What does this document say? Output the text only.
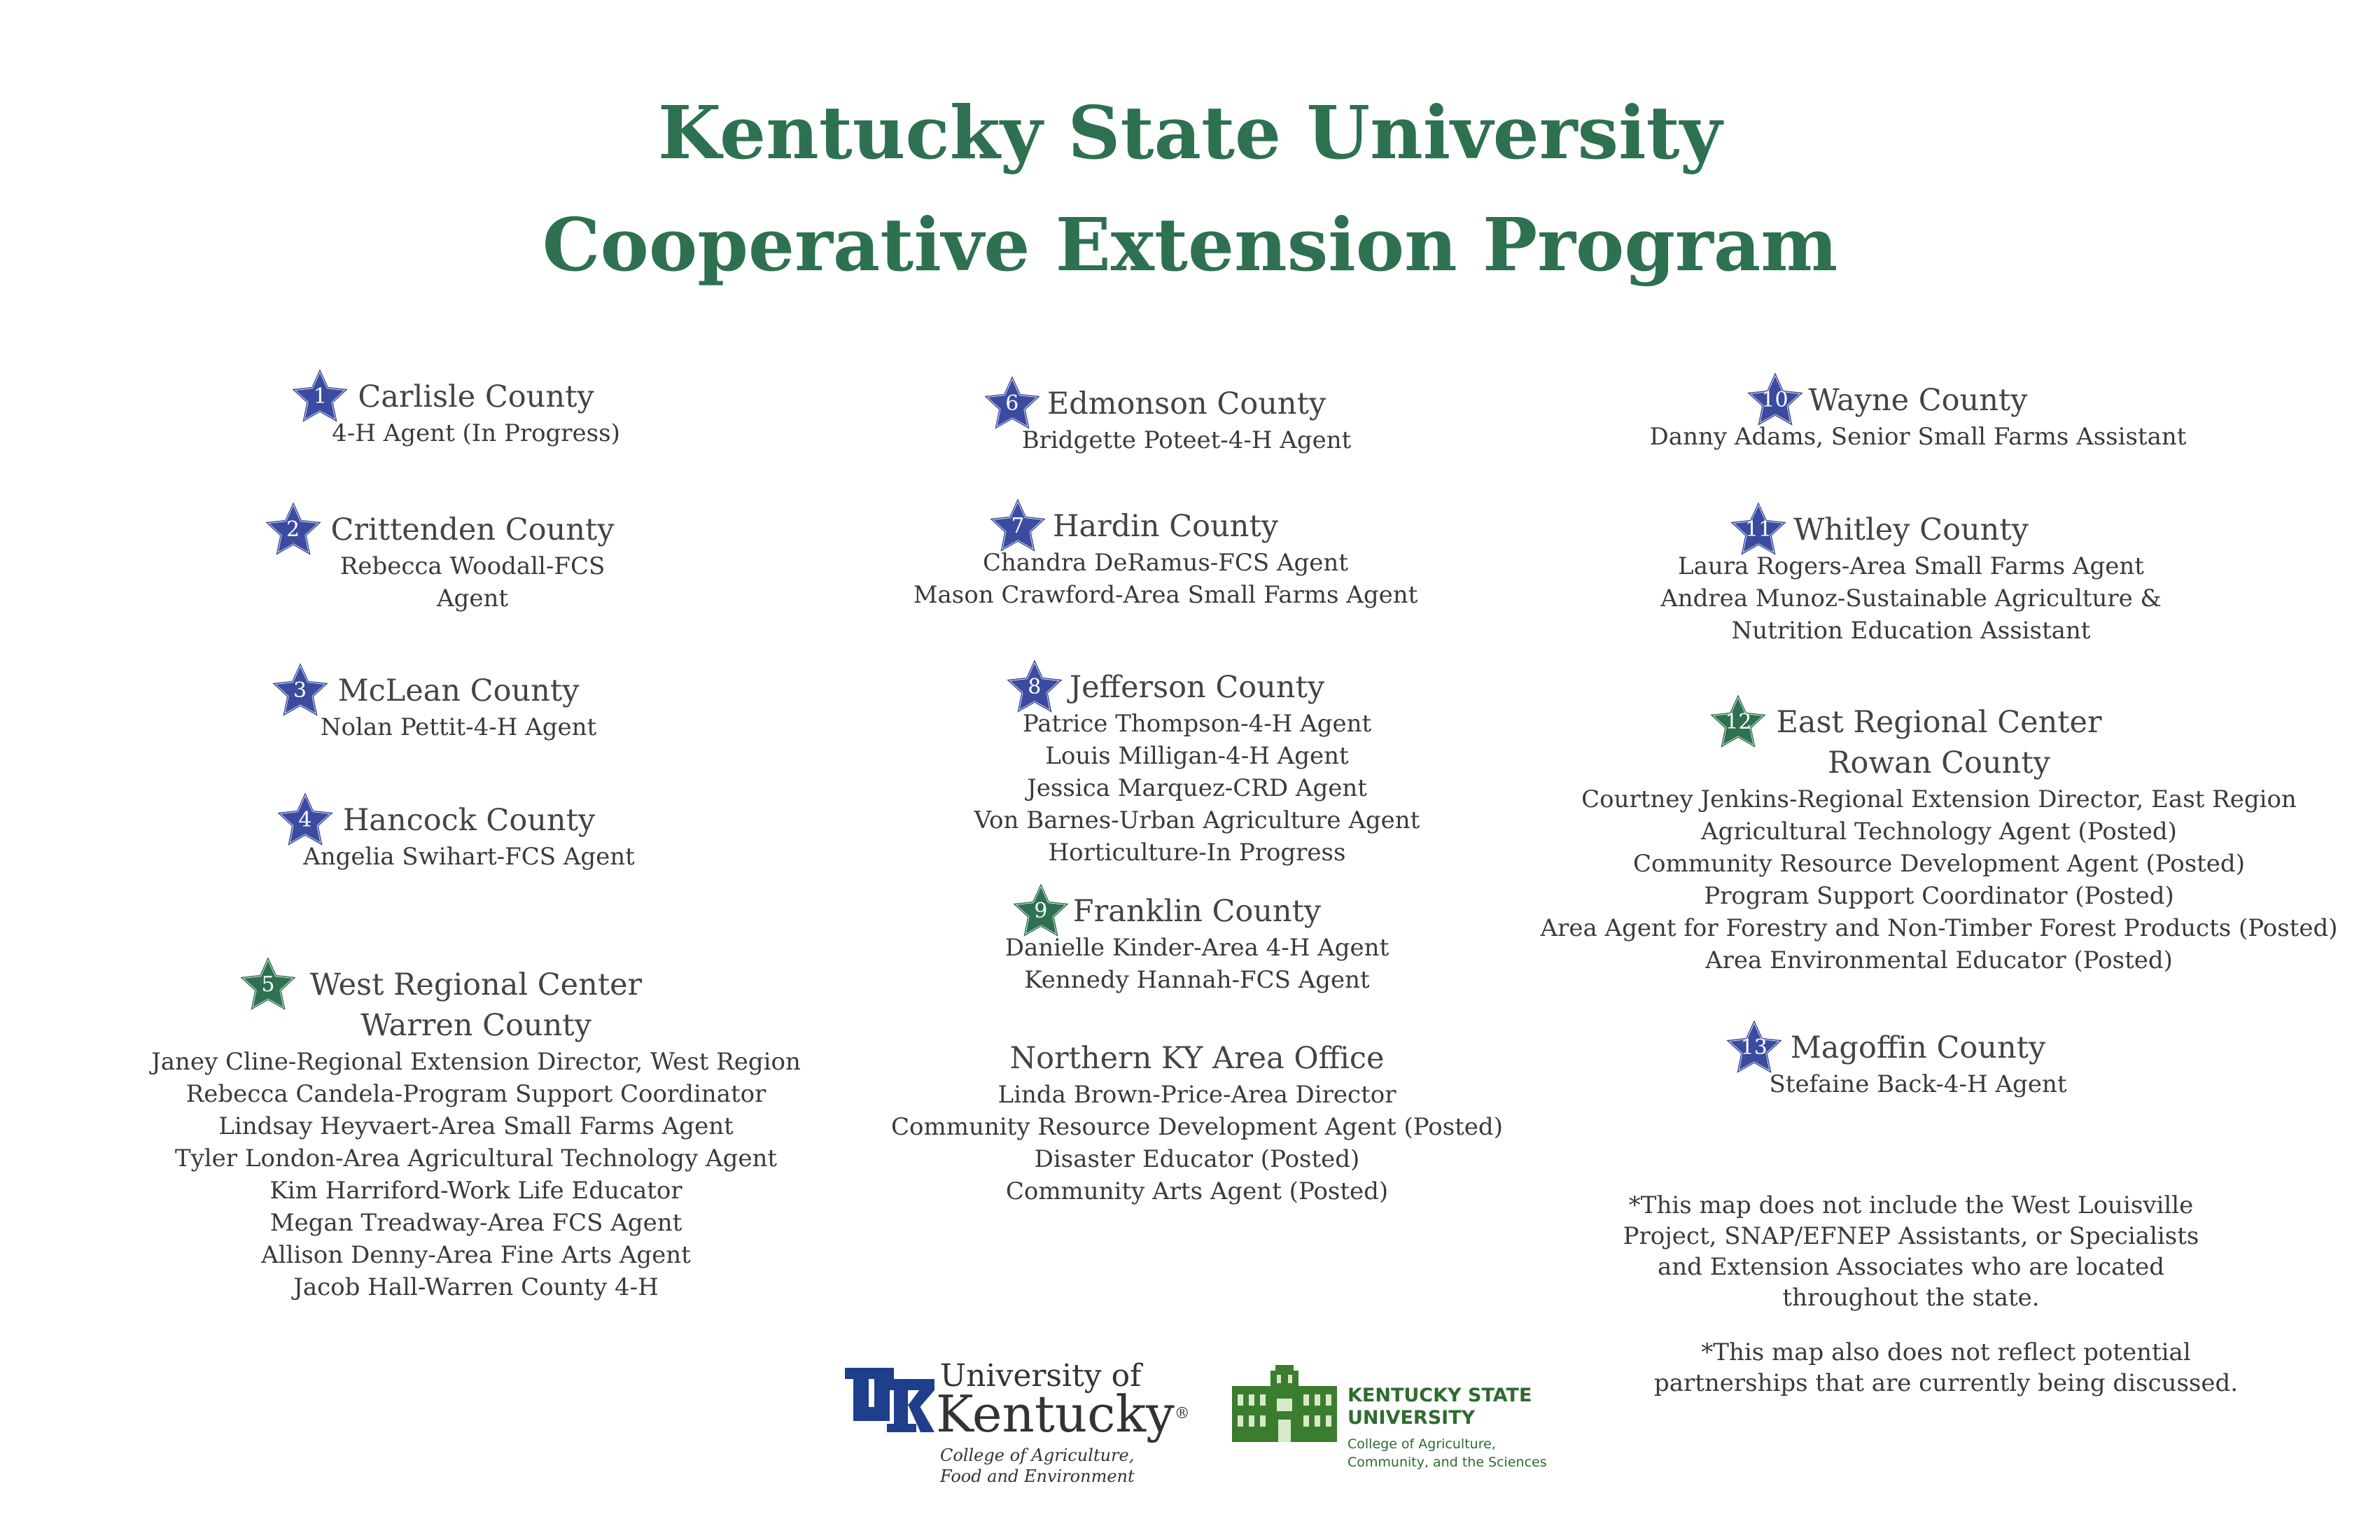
Kentucky State University
Cooperative Extension Program
1	Carlisle County
4-H Agent (In Progress)
2	Crittenden County
Rebecca Woodall-FCS
Agent
3	McLean County
Nolan Pettit-4-H Agent
4	Hancock County
Angelia Swihart-FCS Agent
5	West Regional Center
Warren County
Janey Cline-Regional Extension Director, West Region
Rebecca Candela-Program Support Coordinator
Lindsay Heyvaert-Area Small Farms Agent
Tyler London-Area Agricultural Technology Agent
Kim Harriford-Work Life Educator
Megan Treadway-Area FCS Agent
Allison Denny-Area Fine Arts Agent
Jacob Hall-Warren County 4-H
6 Edmonson County
Bridgette Poteet-4-H Agent
7 Hardin County
Chandra DeRamus-FCS Agent
Mason Crawford-Area Small Farms Agent
8 Jefferson County
Patrice Thompson-4-H Agent
Louis Milligan-4-H Agent
Jessica Marquez-CRD Agent
Von Barnes-Urban Agriculture Agent
Horticulture-In Progress
9 Franklin County
Danielle Kinder-Area 4-H Agent
Kennedy Hannah-FCS Agent
Northern KY Area Office
Linda Brown-Price-Area Director
Community Resource Development Agent (Posted)
Disaster Educator (Posted)
Community Arts Agent (Posted)
10 Wayne County
Danny Adams, Senior Small Farms Assistant
11 Whitley County
Laura Rogers-Area Small Farms Agent
Andrea Munoz-Sustainable Agriculture &
Nutrition Education Assistant
12 East Regional Center
Rowan County
Courtney Jenkins-Regional Extension Director, East Region
Agricultural Technology Agent (Posted)
Community Resource Development Agent (Posted)
Program Support Coordinator (Posted)
Area Agent for Forestry and Non-Timber Forest Products (Posted)
Area Environmental Educator (Posted)
13 Magoffin County
Stefaine Back-4-H Agent
*This map does not include the West Louisville
Project, SNAP/EFNEP Assistants, or Specialists
and Extension Associates who are located
throughout the state.
*This map also does not reflect potential
partnerships that are currently being discussed.
University of
Kentucky®
College of Agriculture,
Food and Environment
KENTUCKY STATE
UNIVERSITY
College of Agriculture,
Community, and the Sciences
